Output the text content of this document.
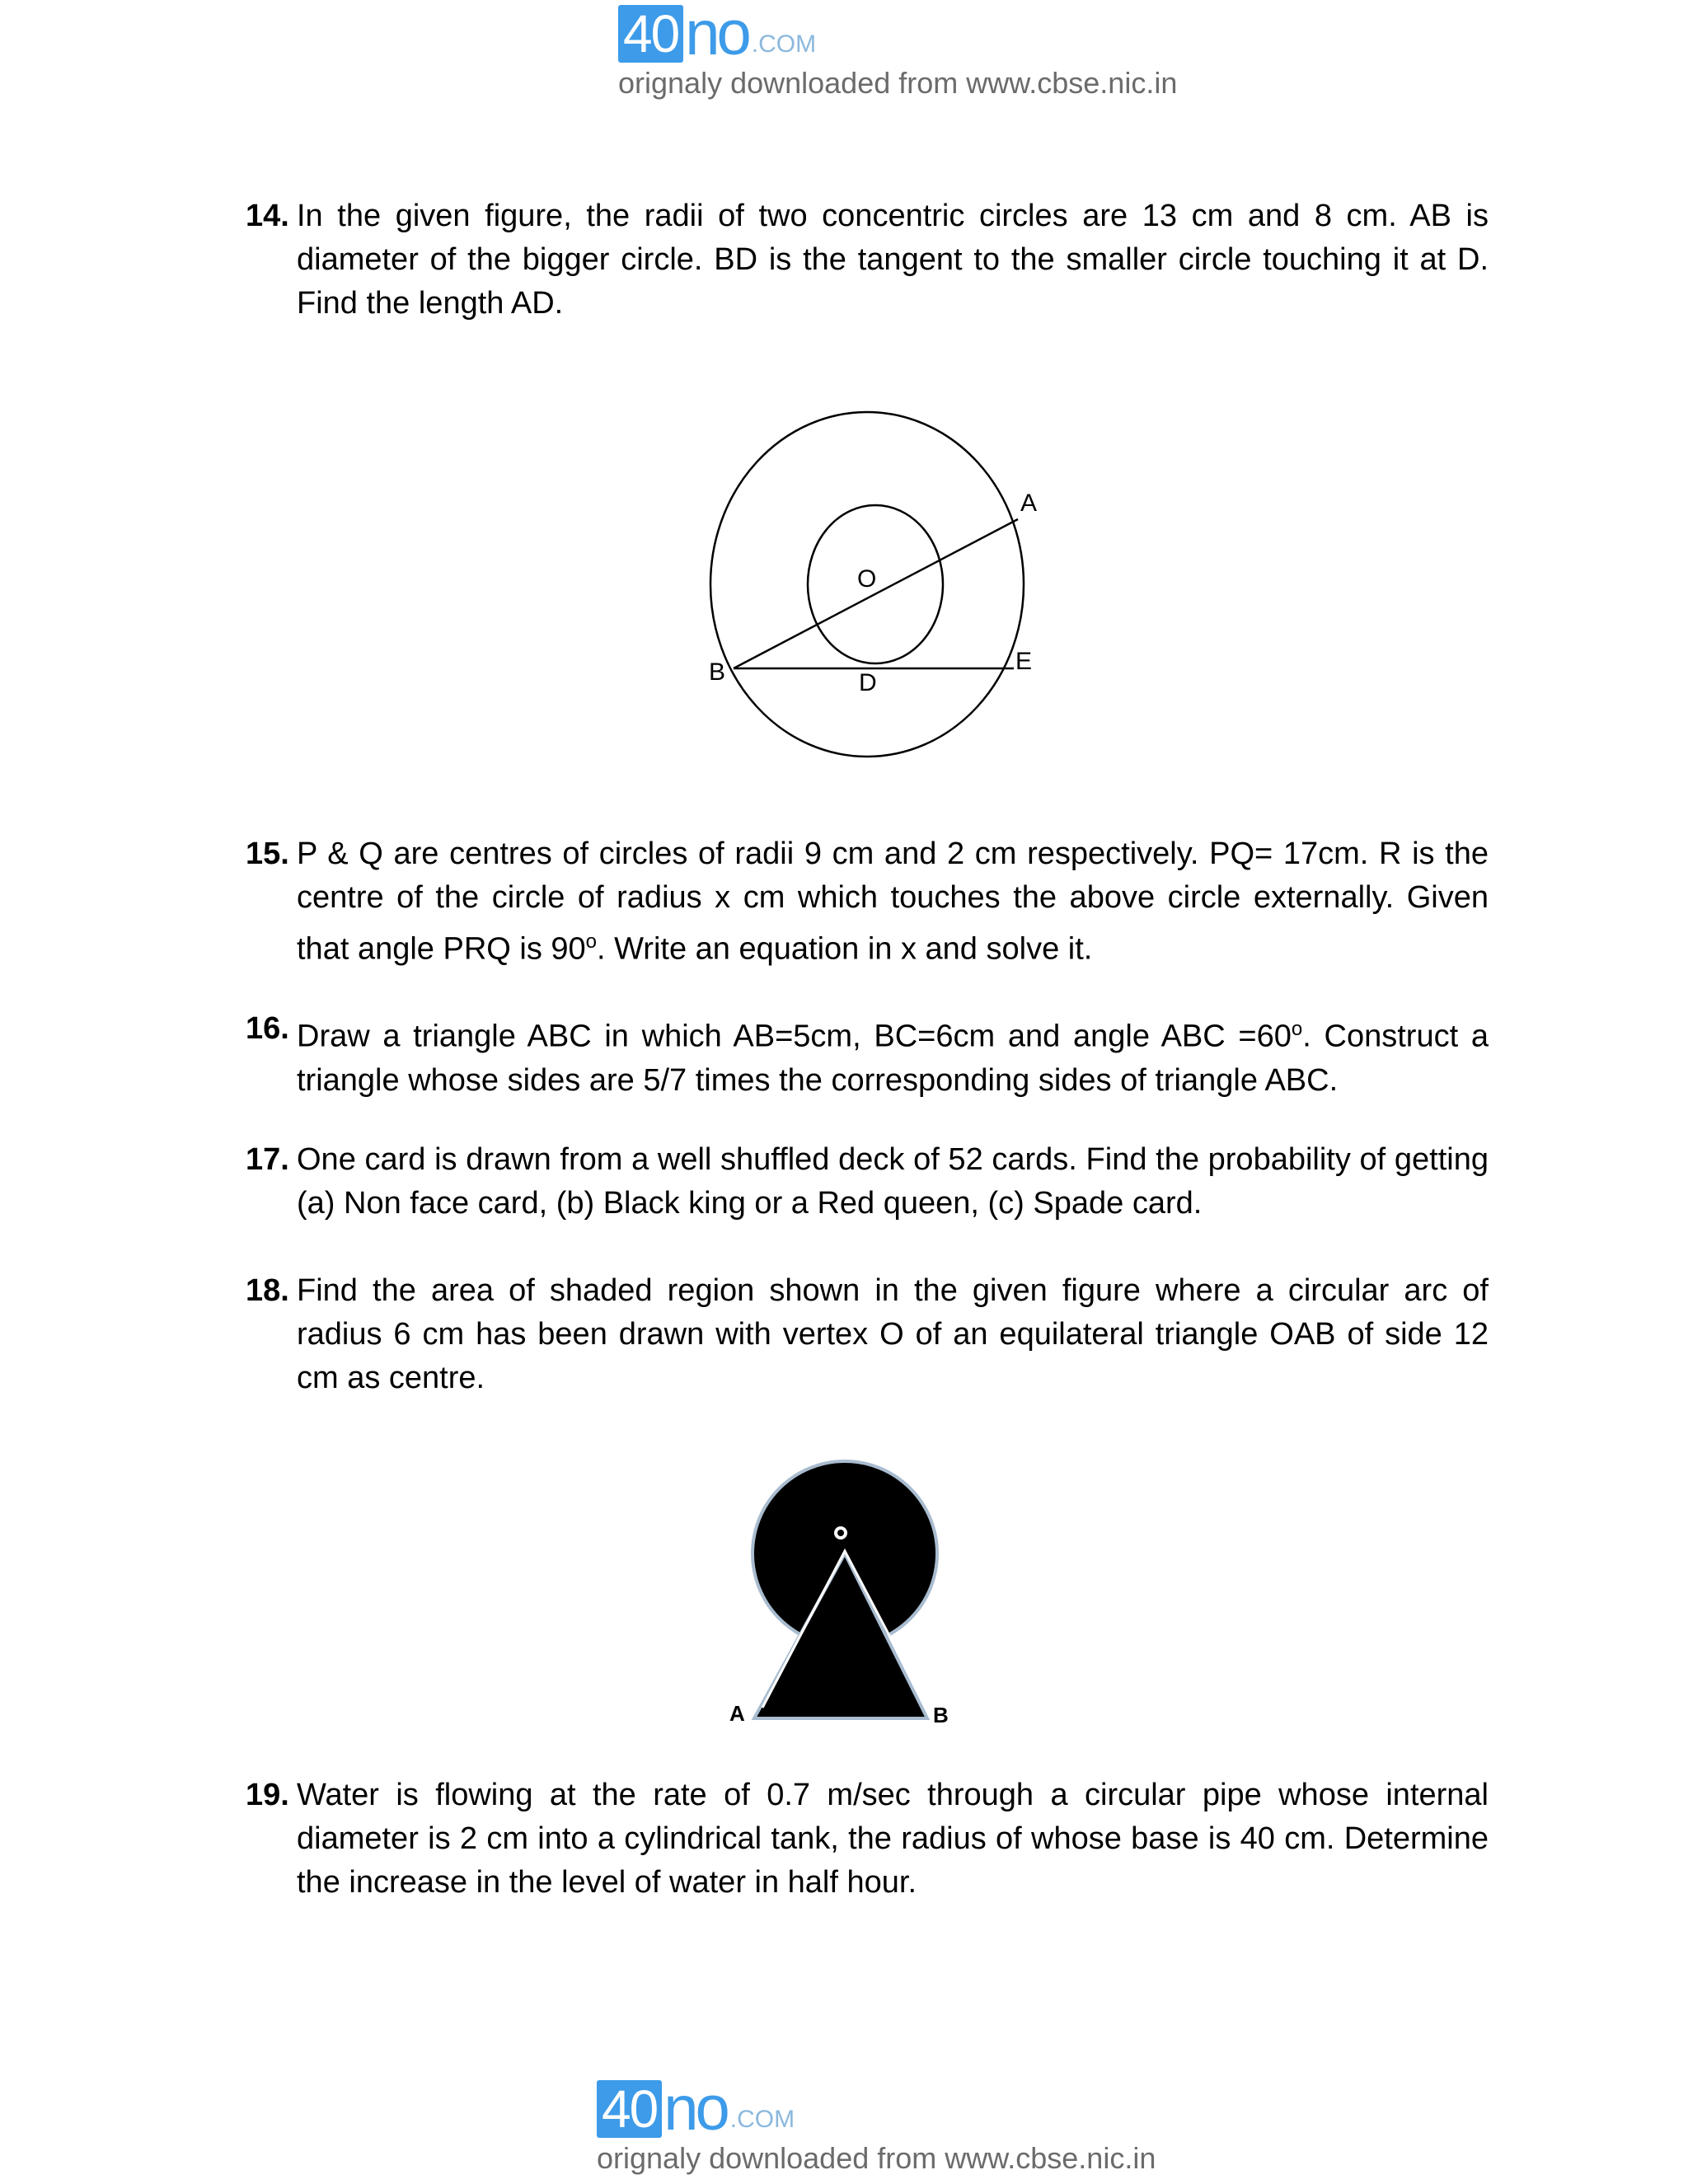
40 no .COM
orignaly downloaded from www.cbse.nic.in
14. In the given figure, the radii of two concentric circles are 13 cm and 8 cm. AB is diameter of the bigger circle. BD is the tangent to the smaller circle touching it at D. Find the length AD.
A
O
B	D
E
15. P & Q are centres of circles of radii 9 cm and 2 cm respectively. PQ= 17cm. R is the centre of the circle of radius x cm which touches the above circle externally. Given that angle PRQ is 90$^o$. Write an equation in x and solve it.
16. Draw a triangle ABC in which AB=5cm, BC=6cm and angle ABC $=60^o$. Construct a triangle whose sides are 5/7 times the corresponding sides of triangle ABC.
17. One card is drawn from a well shuffled deck of 52 cards. Find the probability of getting (a) Non face card, (b) Black king or a Red queen, (c) Spade card.
18. Find the area of shaded region shown in the given figure where a circular arc of radius 6 cm has been drawn with vertex O of an equilateral triangle OAB of side 12 cm as centre.
A	B
19. Water is flowing at the rate of 0.7 m/sec through a circular pipe whose internal diameter is 2 cm into a cylindrical tank, the radius of whose base is 40 cm. Determine the increase in the level of water in half hour.
40 no .COM
orignaly downloaded from www.cbse.nic.in
